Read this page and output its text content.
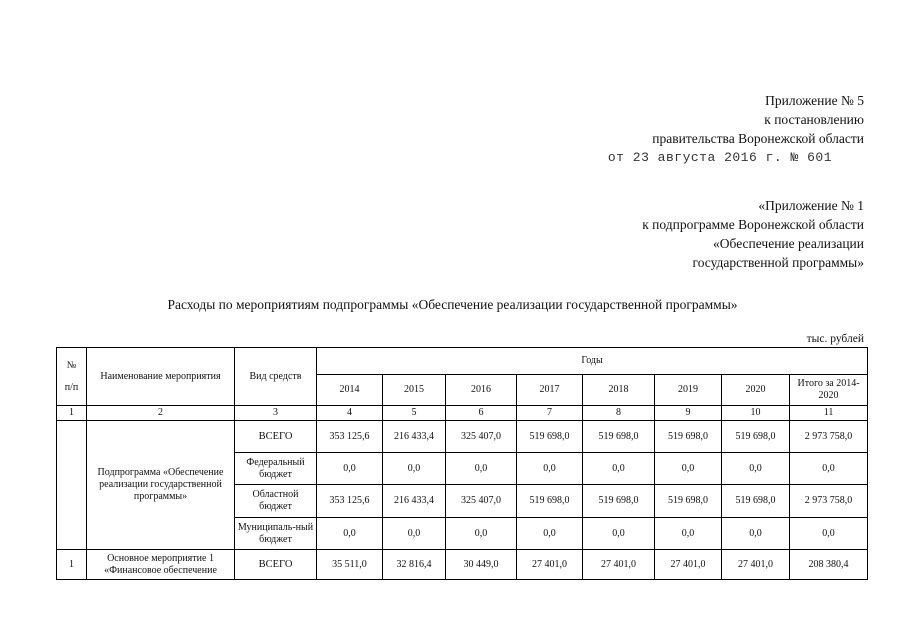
Приложение № 5
к постановлению
правительства Воронежской области
от 23 августа 2016 г. № 601
«Приложение № 1
к подпрограмме Воронежской области
«Обеспечение реализации
государственной программы»
Расходы по мероприятиям подпрограммы «Обеспечение реализации государственной программы»
тыс. рублей
№
п/п	Наименование мероприятия	Вид средств	Годы							
			2014	2015	2016	2017	2018	2019	2020	Итого за 2014-2020
1	2	3	4	5	6	7	8	9	10	11
	Подпрограмма «Обеспечение реализации государственной программы»	ВСЕГО	353 125,6	216 433,4	325 407,0	519 698,0	519 698,0	519 698,0	519 698,0	2 973 758,0
		Федеральный бюджет	0,0	0,0	0,0	0,0	0,0	0,0	0,0	0,0
		Областной бюджет	353 125,6	216 433,4	325 407,0	519 698,0	519 698,0	519 698,0	519 698,0	2 973 758,0
		Муниципаль-ный бюджет	0,0	0,0	0,0	0,0	0,0	0,0	0,0	0,0
1	Основное мероприятие 1 «Финансовое обеспечение	ВСЕГО	35 511,0	32 816,4	30 449,0	27 401,0	27 401,0	27 401,0	27 401,0	208 380,4
